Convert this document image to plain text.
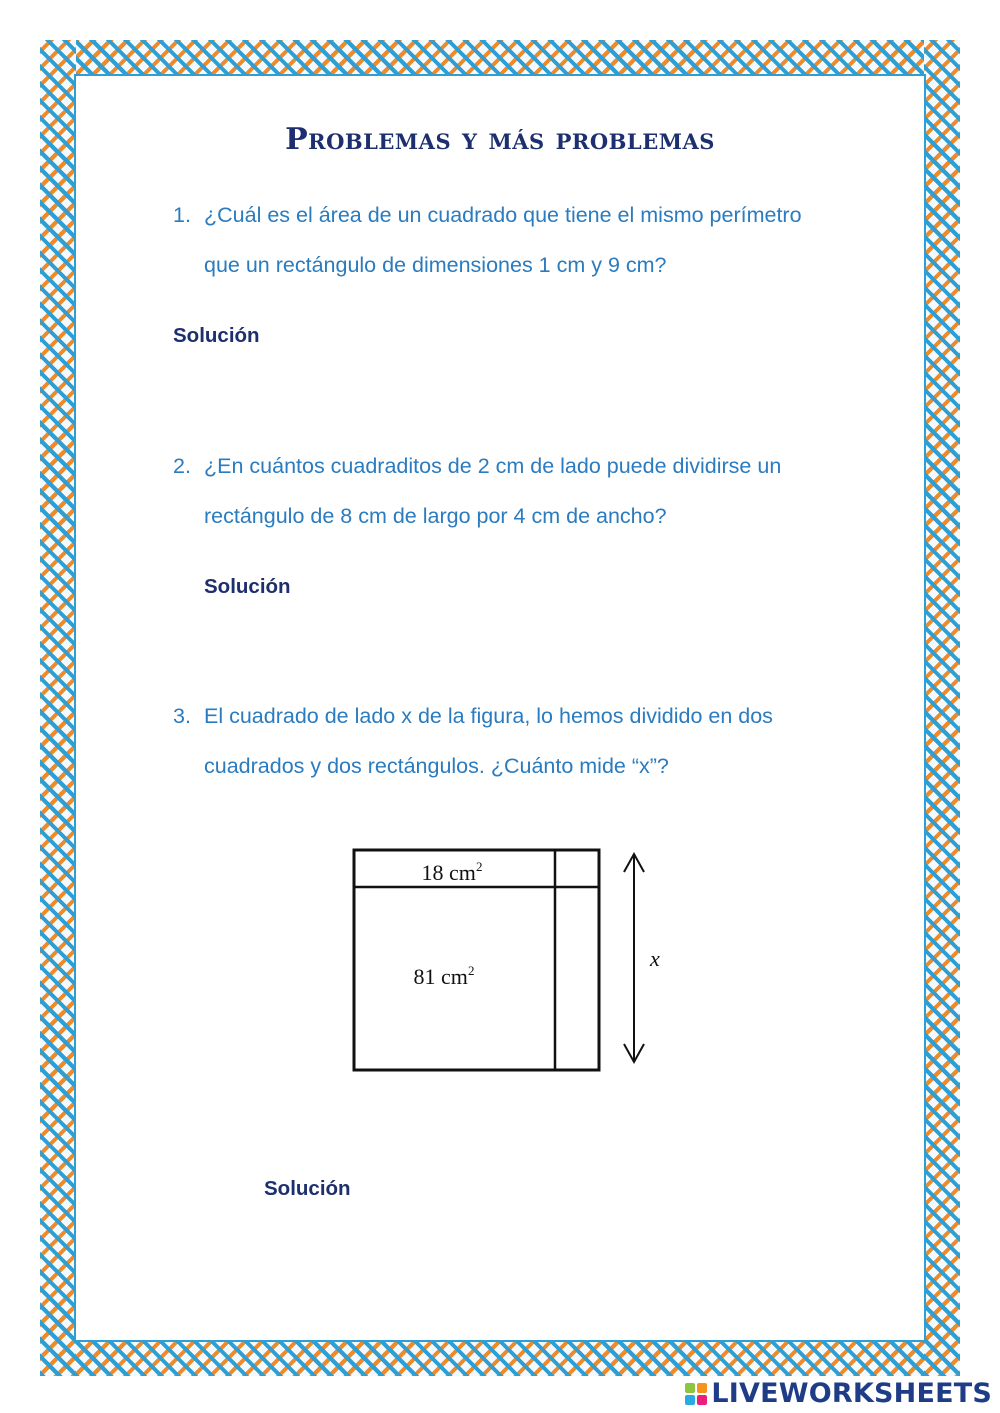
Problemas y más problemas
1. ¿Cuál es el área de un cuadrado que tiene el mismo perímetro
que un rectángulo de dimensiones 1 cm y 9 cm?
Solución
2. ¿En cuántos cuadraditos de 2 cm de lado puede dividirse un
rectángulo de 8 cm de largo por 4 cm de ancho?
Solución
3. El cuadrado de lado x de la figura, lo hemos dividido en dos
cuadrados y dos rectángulos. ¿Cuánto mide “x”?
18 $cm^2$
81 $cm^2$	x
Solución
LIVEWORKSHEETS
